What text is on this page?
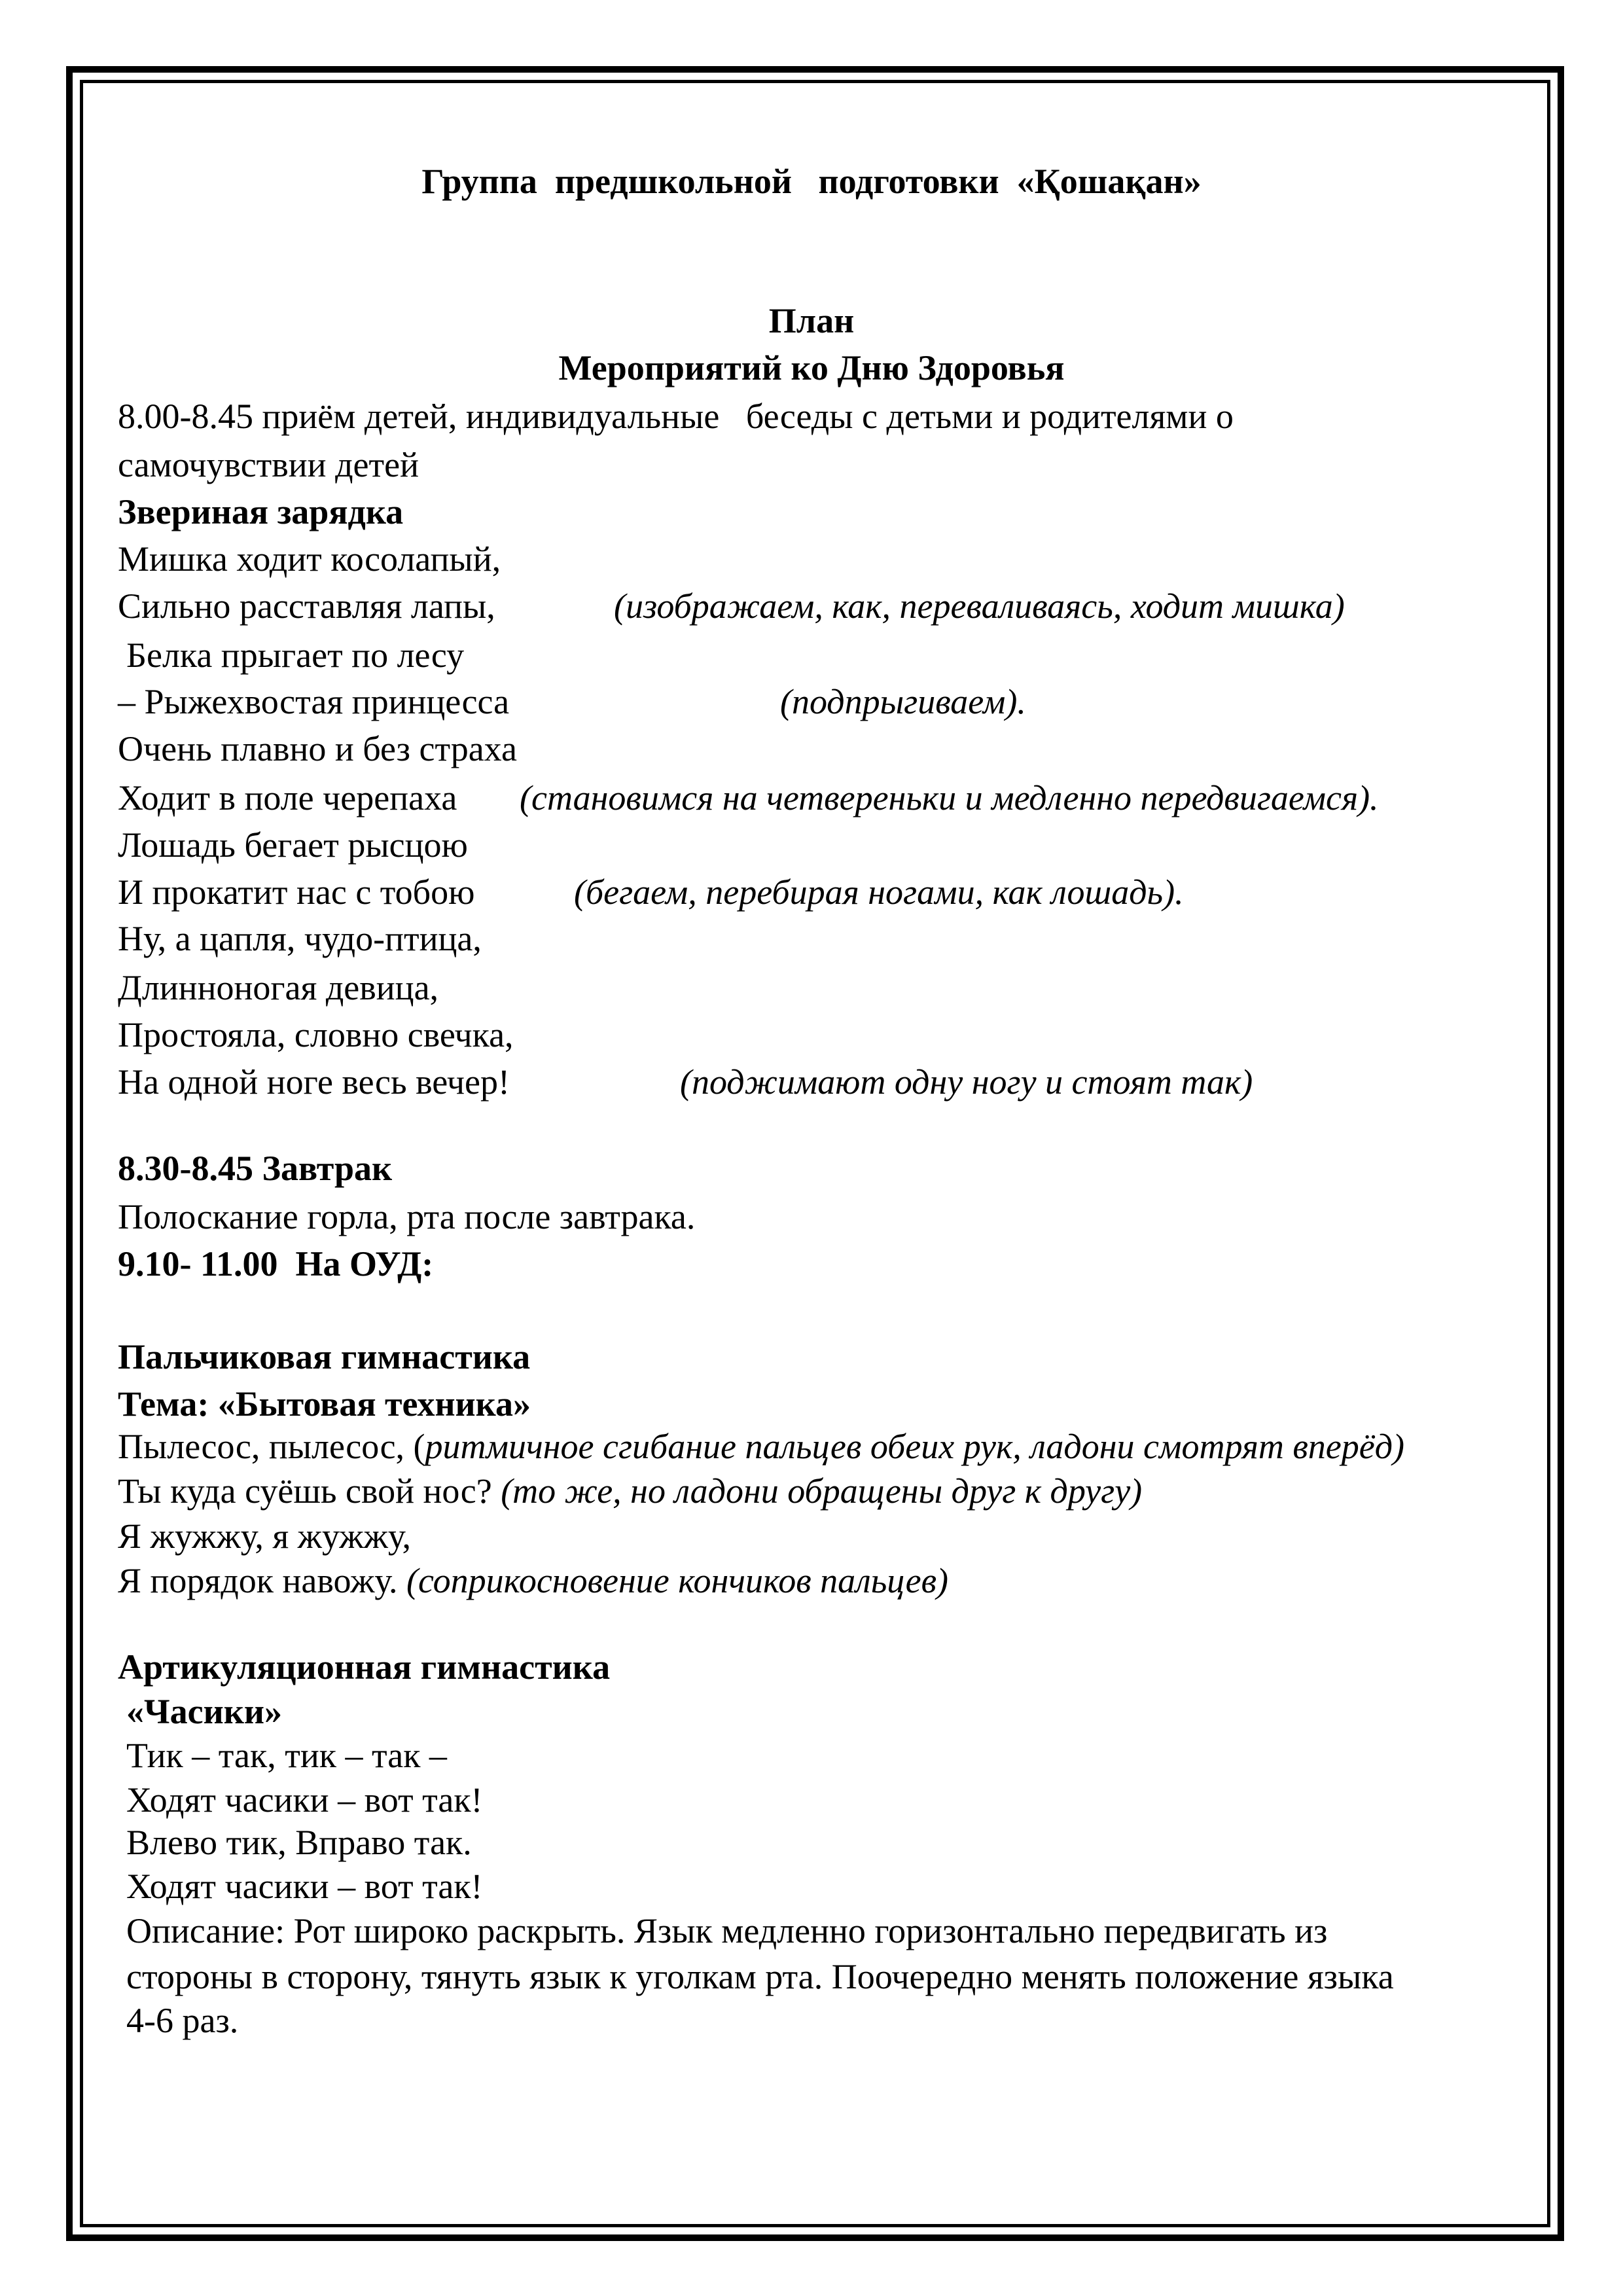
Группа  предшкольной   подготовки  «Қошақан»
План
Мероприятий ко Дню Здоровья
8.00-8.45 приём детей, индивидуальные   беседы с детьми и родителями о
самочувствии детей
Звериная зарядка
Мишка ходит косолапый,
Сильно расставляя лапы,	(изображаем, как, переваливаясь, ходит мишка)
Белка прыгает по лесу
– Рыжехвостая принцесса	(подпрыгиваем).
Очень плавно и без страха
Ходит в поле черепаха (становимся на четвереньки и медленно передвигаемся).
Лошадь бегает рысцою
И прокатит нас с тобою	(бегаем, перебирая ногами, как лошадь).
Ну, а цапля, чудо-птица,
Длинноногая девица,
Простояла, словно свечка,
На одной ноге весь вечер!	(поджимают одну ногу и стоят так)
8.30-8.45 Завтрак
Полоскание горла, рта после завтрака.
9.10- 11.00  На ОУД:
Пальчиковая гимнастика
Тема: «Бытовая техника»
Пылесос, пылесос, (ритмичное сгибание пальцев обеих рук, ладони смотрят вперёд)
Ты куда суёшь свой нос? (то же, но ладони обращены друг к другу)
Я жужжу, я жужжу,
Я порядок навожу. (соприкосновение кончиков пальцев)
Артикуляционная гимнастика
«Часики»
Тик – так, тик – так –
Ходят часики – вот так!
Влево тик, Вправо так.
Ходят часики – вот так!
Описание: Рот широко раскрыть. Язык медленно горизонтально передвигать из
стороны в сторону, тянуть язык к уголкам рта. Поочередно менять положение языка
4-6 раз.
